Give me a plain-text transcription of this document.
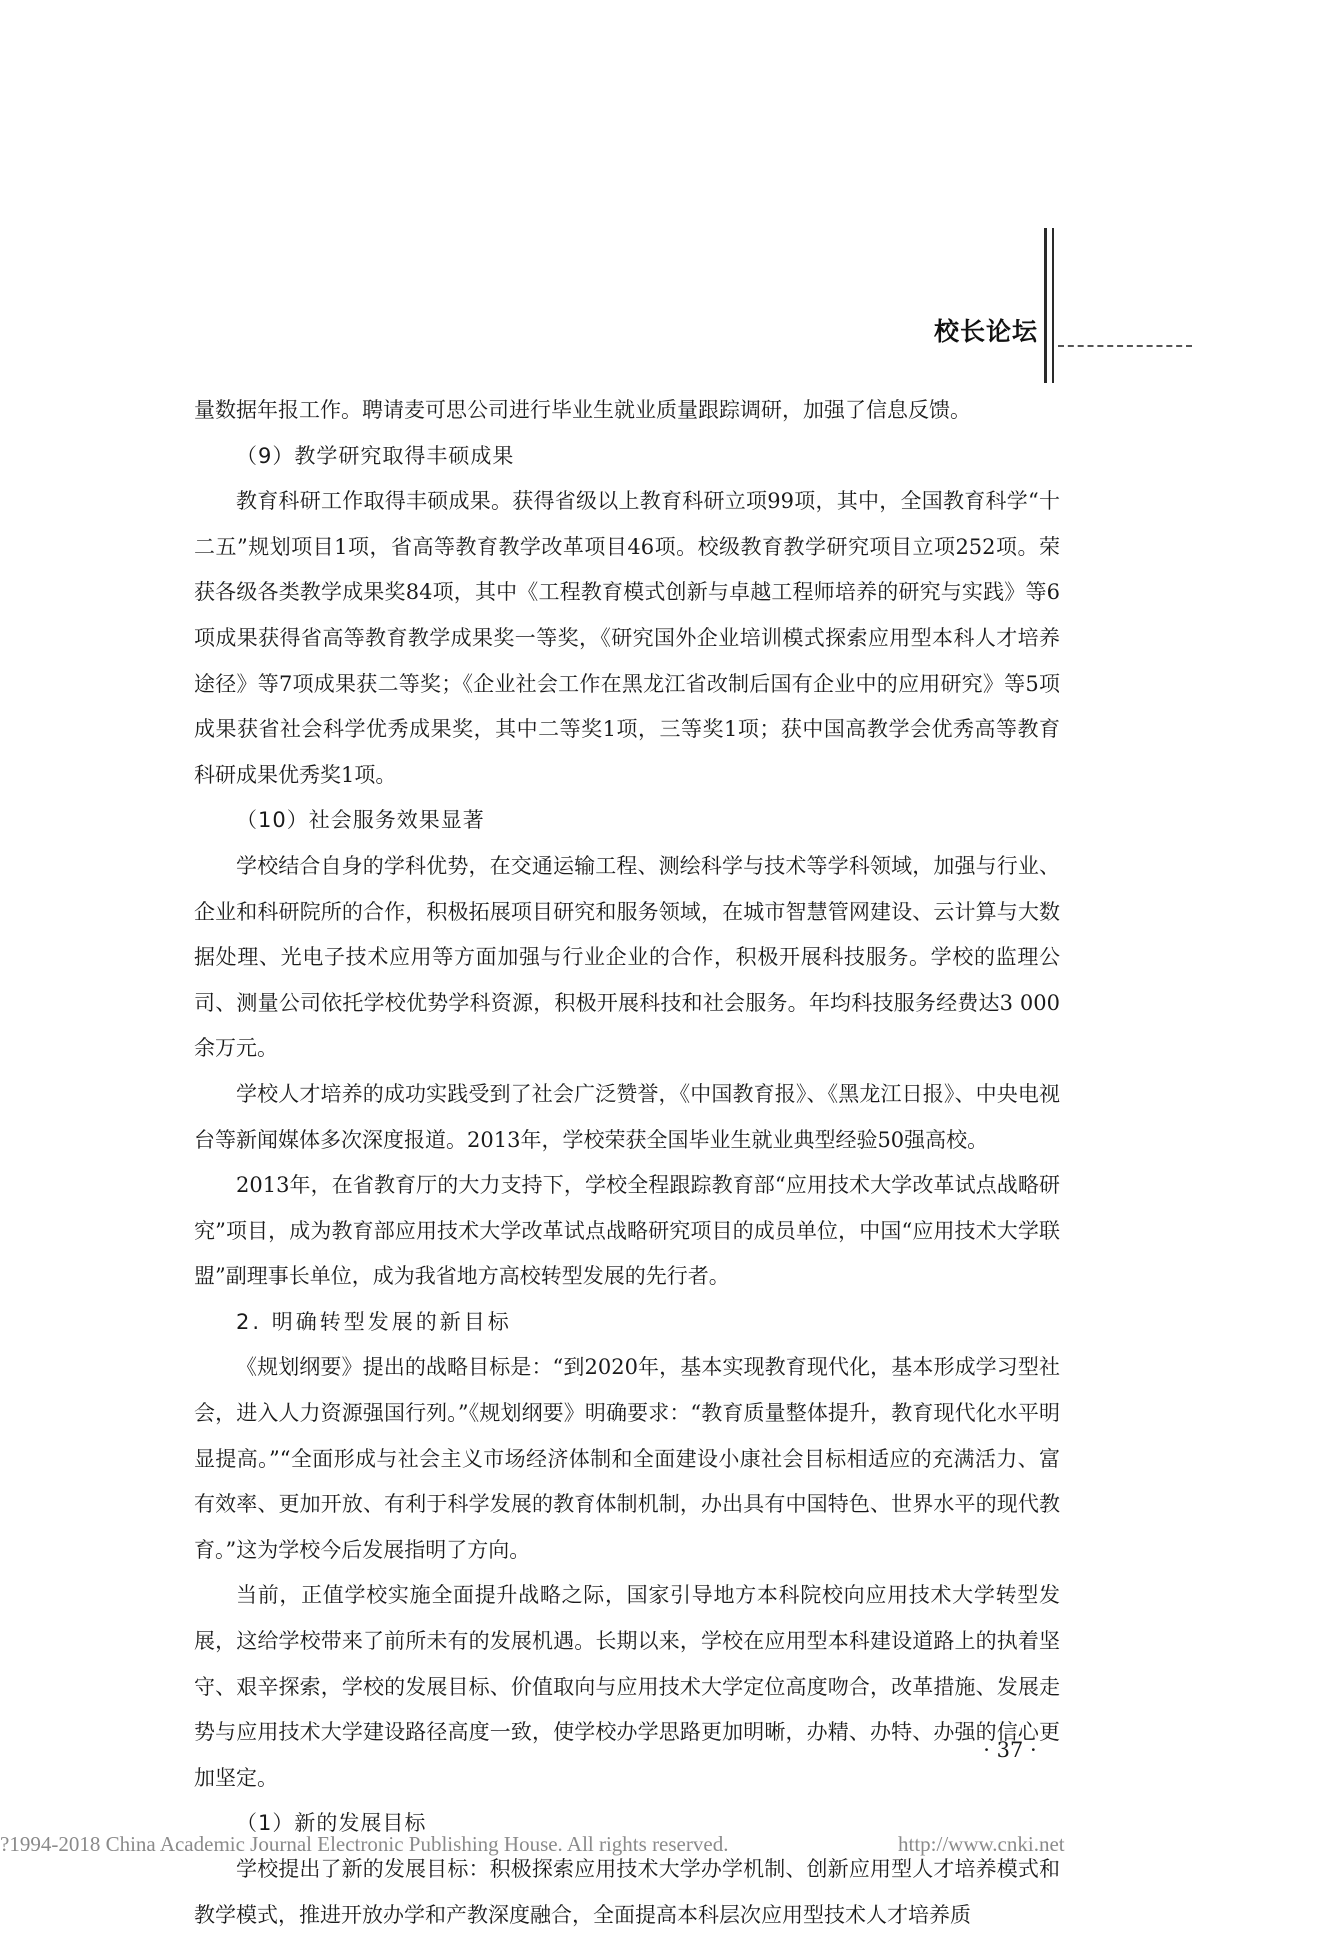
校长论坛

量数据年报工作。聘请麦可思公司进行毕业生就业质量跟踪调研，加强了信息反馈。

（9）教学研究取得丰硕成果

教育科研工作取得丰硕成果。获得省级以上教育科研立项99项，其中，全国教育科学“十二五”规划项目1项，省高等教育教学改革项目46项。校级教育教学研究项目立项252项。荣获各级各类教学成果奖84项，其中《工程教育模式创新与卓越工程师培养的研究与实践》等6项成果获得省高等教育教学成果奖一等奖，《研究国外企业培训模式探索应用型本科人才培养途径》等7项成果获二等奖；《企业社会工作在黑龙江省改制后国有企业中的应用研究》等5项成果获省社会科学优秀成果奖，其中二等奖1项，三等奖1项；获中国高教学会优秀高等教育科研成果优秀奖1项。

（10）社会服务效果显著

学校结合自身的学科优势，在交通运输工程、测绘科学与技术等学科领域，加强与行业、企业和科研院所的合作，积极拓展项目研究和服务领域，在城市智慧管网建设、云计算与大数据处理、光电子技术应用等方面加强与行业企业的合作，积极开展科技服务。学校的监理公司、测量公司依托学校优势学科资源，积极开展科技和社会服务。年均科技服务经费达3 000余万元。

学校人才培养的成功实践受到了社会广泛赞誉，《中国教育报》、《黑龙江日报》、中央电视台等新闻媒体多次深度报道。2013年，学校荣获全国毕业生就业典型经验50强高校。

2013年，在省教育厅的大力支持下，学校全程跟踪教育部“应用技术大学改革试点战略研究”项目，成为教育部应用技术大学改革试点战略研究项目的成员单位，中国“应用技术大学联盟”副理事长单位，成为我省地方高校转型发展的先行者。

2. 明确转型发展的新目标

《规划纲要》提出的战略目标是：“到2020年，基本实现教育现代化，基本形成学习型社会，进入人力资源强国行列。”《规划纲要》明确要求：“教育质量整体提升，教育现代化水平明显提高。”“全面形成与社会主义市场经济体制和全面建设小康社会目标相适应的充满活力、富有效率、更加开放、有利于科学发展的教育体制机制，办出具有中国特色、世界水平的现代教育。”这为学校今后发展指明了方向。

当前，正值学校实施全面提升战略之际，国家引导地方本科院校向应用技术大学转型发展，这给学校带来了前所未有的发展机遇。长期以来，学校在应用型本科建设道路上的执着坚守、艰辛探索，学校的发展目标、价值取向与应用技术大学定位高度吻合，改革措施、发展走势与应用技术大学建设路径高度一致，使学校办学思路更加明晰，办精、办特、办强的信心更加坚定。

（1）新的发展目标

学校提出了新的发展目标：积极探索应用技术大学办学机制、创新应用型人才培养模式和教学模式，推进开放办学和产教深度融合，全面提高本科层次应用型技术人才培养质

· 37 ·
?1994-2018 China Academic Journal Electronic Publishing House. All rights reserved.	http://www.cnki.net
